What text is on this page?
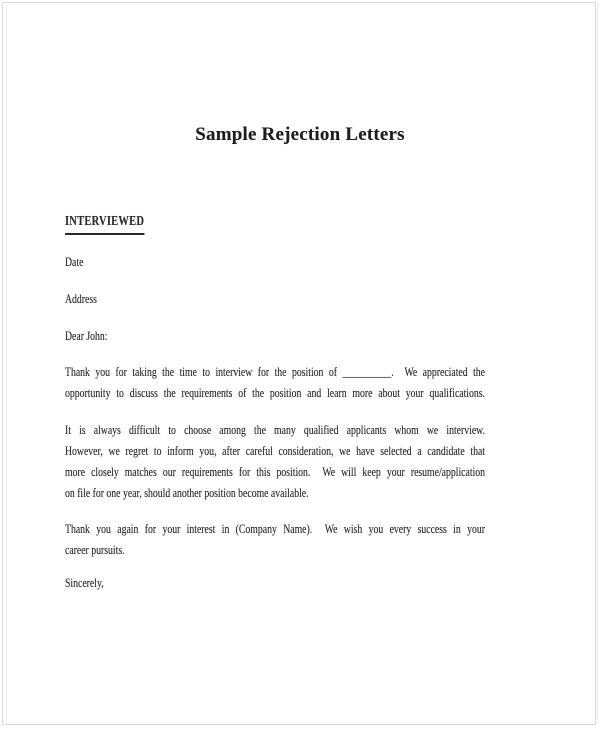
Sample Rejection Letters
INTERVIEWED
Date
Address
Dear John:
Thank you for taking the time to interview for the position of __________.  We appreciated the
opportunity to discuss the requirements of the position and learn more about your qualifications.
It is always difficult to choose among the many qualified applicants whom we interview.
However, we regret to inform you, after careful consideration, we have selected a candidate that
more closely matches our requirements for this position.  We will keep your resume/application
on file for one year, should another position become available.
Thank you again for your interest in (Company Name).  We wish you every success in your
career pursuits.
Sincerely,
